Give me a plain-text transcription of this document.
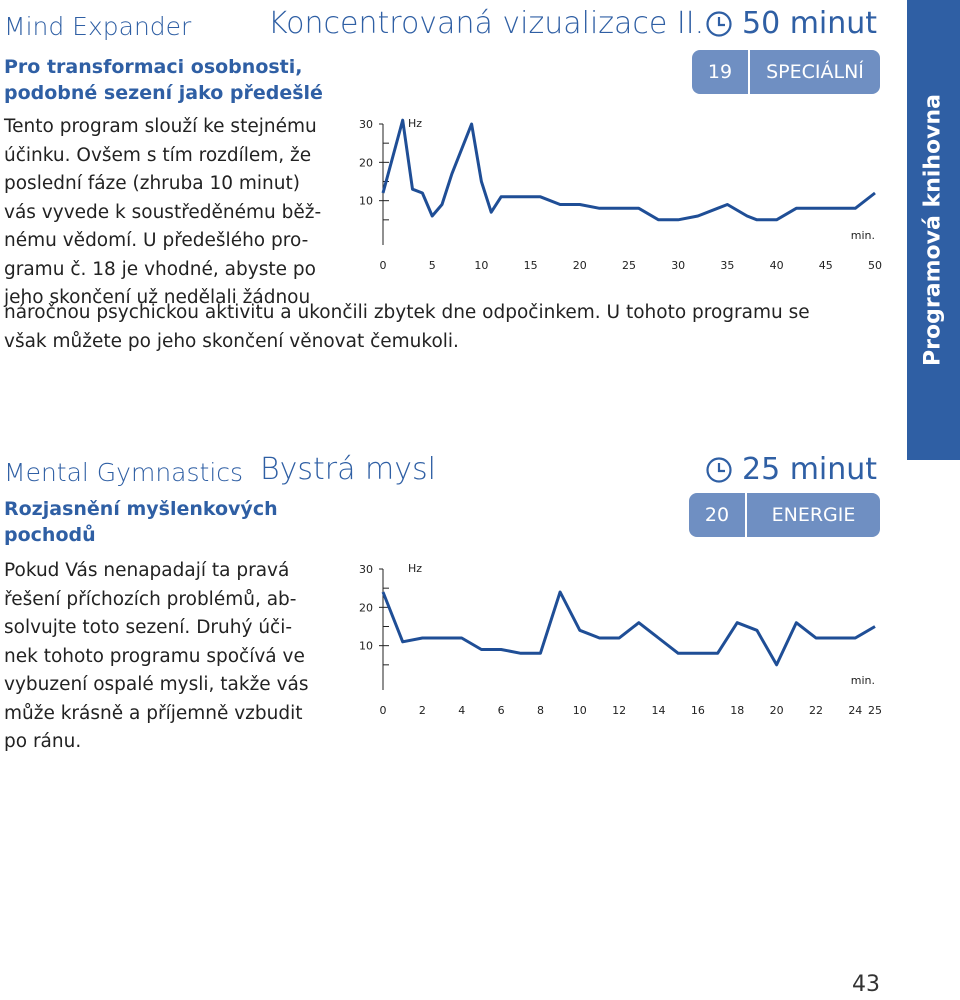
Mind Expander	Koncentrovaná vizualizace II. 50 minut
Pro transformaci osobnosti,
podobné sezení jako předešlé
19	SPECIÁLNÍ
Tento program slouží ke stejnému
účinku. Ovšem s tím rozdílem, že
poslední fáze (zhruba 10 minut)
vás vyvede k soustředěnému běž-
nému vědomí. U předešlého pro-
gramu č. 18 je vhodné, abyste po
jeho skončení už nedělali žádnou
náročnou psychickou aktivitu a ukončili zbytek dne odpočinkem. U tohoto programu se
však můžete po jeho skončení věnovat čemukoli.
10
20
30
0	5	10	15	20	25	30	35	40	45	50
Hz
min.
Mental Gymnastics Bystrá mysl	25 minut
Rozjasnění myšlenkových
pochodů
20	ENERGIE
Pokud Vás nenapadají ta pravá
řešení příchozích problémů, ab-
solvujte toto sezení. Druhý úči-
nek tohoto programu spočívá ve
vybuzení ospalé mysli, takže vás
může krásně a příjemně vzbudit
po ránu.
10
20
30
0	2	4	6	8	10 12 14 16 18 20 22 24 25
Hz
min.
Programová knihovna
43
